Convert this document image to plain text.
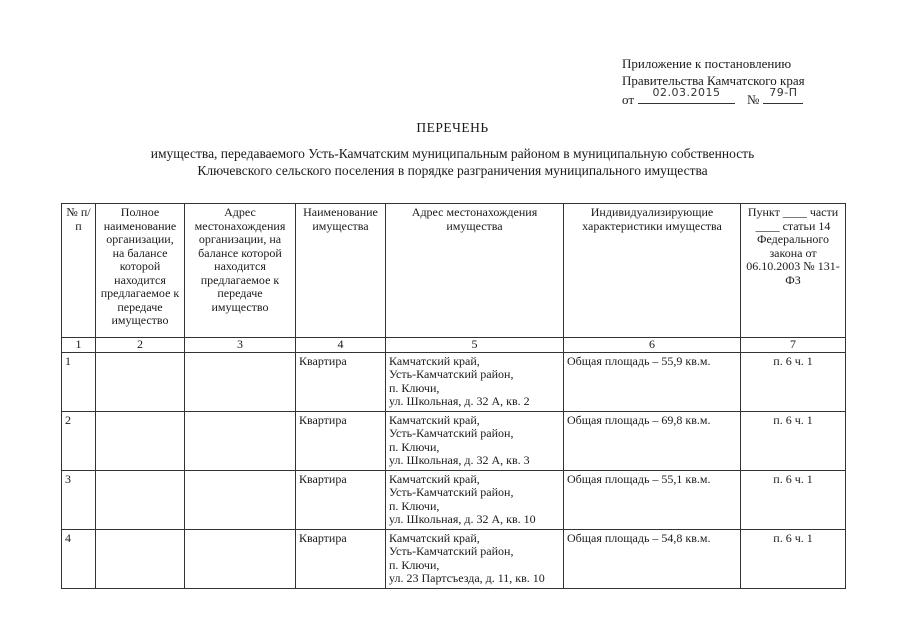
Приложение к постановлению
Правительства Камчатского края
от	02.03.2015	№ 79-П
ПЕРЕЧЕНЬ
имущества, передаваемого Усть-Камчатским муниципальным районом в муниципальную собственность
Ключевского сельского поселения в порядке разграничения муниципального имущества
№ п/п	Полное наименование организации, на балансе которой находится предлагаемое к передаче имущество	Адрес местонахождения организации, на балансе которой находится предлагаемое к передаче имущество	Наименование имущества	Адрес местонахождения имущества	Индивидуализирующие характеристики имущества	Пункт ____ части ____ статьи 14 Федерального закона от 06.10.2003 № 131-ФЗ
1	2	3	4	5	6	7
1			Квартира	Камчатский край,
Усть-Камчатский район,
п. Ключи,
ул. Школьная, д. 32 А, кв. 2	Общая площадь – 55,9 кв.м.	п. 6 ч. 1
2			Квартира	Камчатский край,
Усть-Камчатский район,
п. Ключи,
ул. Школьная, д. 32 А, кв. 3	Общая площадь – 69,8 кв.м.	п. 6 ч. 1
3			Квартира	Камчатский край,
Усть-Камчатский район,
п. Ключи,
ул. Школьная, д. 32 А, кв. 10	Общая площадь – 55,1 кв.м.	п. 6 ч. 1
4			Квартира	Камчатский край,
Усть-Камчатский район,
п. Ключи,
ул. 23 Партсъезда, д. 11, кв. 10	Общая площадь – 54,8 кв.м.	п. 6 ч. 1
